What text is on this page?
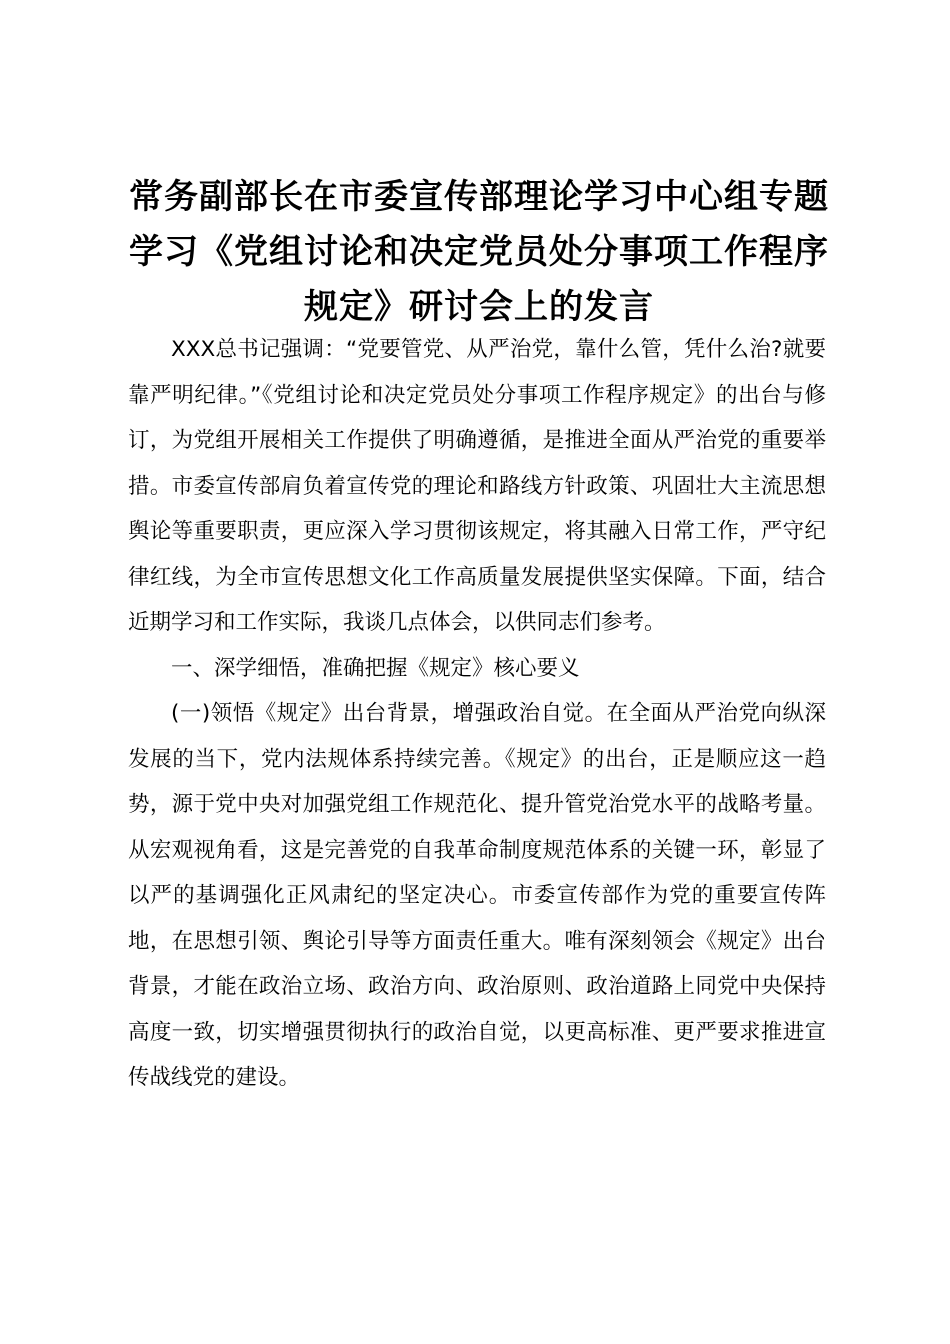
常务副部长在市委宣传部理论学习中心组专题
学习《党组讨论和决定党员处分事项工作程序
规定》研讨会上的发言

XXX总书记强调：“党要管党、从严治党，靠什么管，凭什么治?就要靠严明纪律。”《党组讨论和决定党员处分事项工作程序规定》的出台与修订，为党组开展相关工作提供了明确遵循，是推进全面从严治党的重要举措。市委宣传部肩负着宣传党的理论和路线方针政策、巩固壮大主流思想舆论等重要职责，更应深入学习贯彻该规定，将其融入日常工作，严守纪律红线，为全市宣传思想文化工作高质量发展提供坚实保障。下面，结合近期学习和工作实际，我谈几点体会，以供同志们参考。

一、深学细悟，准确把握《规定》核心要义

(一)领悟《规定》出台背景，增强政治自觉。在全面从严治党向纵深发展的当下，党内法规体系持续完善。《规定》的出台，正是顺应这一趋势，源于党中央对加强党组工作规范化、提升管党治党水平的战略考量。从宏观视角看，这是完善党的自我革命制度规范体系的关键一环，彰显了以严的基调强化正风肃纪的坚定决心。市委宣传部作为党的重要宣传阵地，在思想引领、舆论引导等方面责任重大。唯有深刻领会《规定》出台背景，才能在政治立场、政治方向、政治原则、政治道路上同党中央保持高度一致，切实增强贯彻执行的政治自觉，以更高标准、更严要求推进宣传战线党的建设。
